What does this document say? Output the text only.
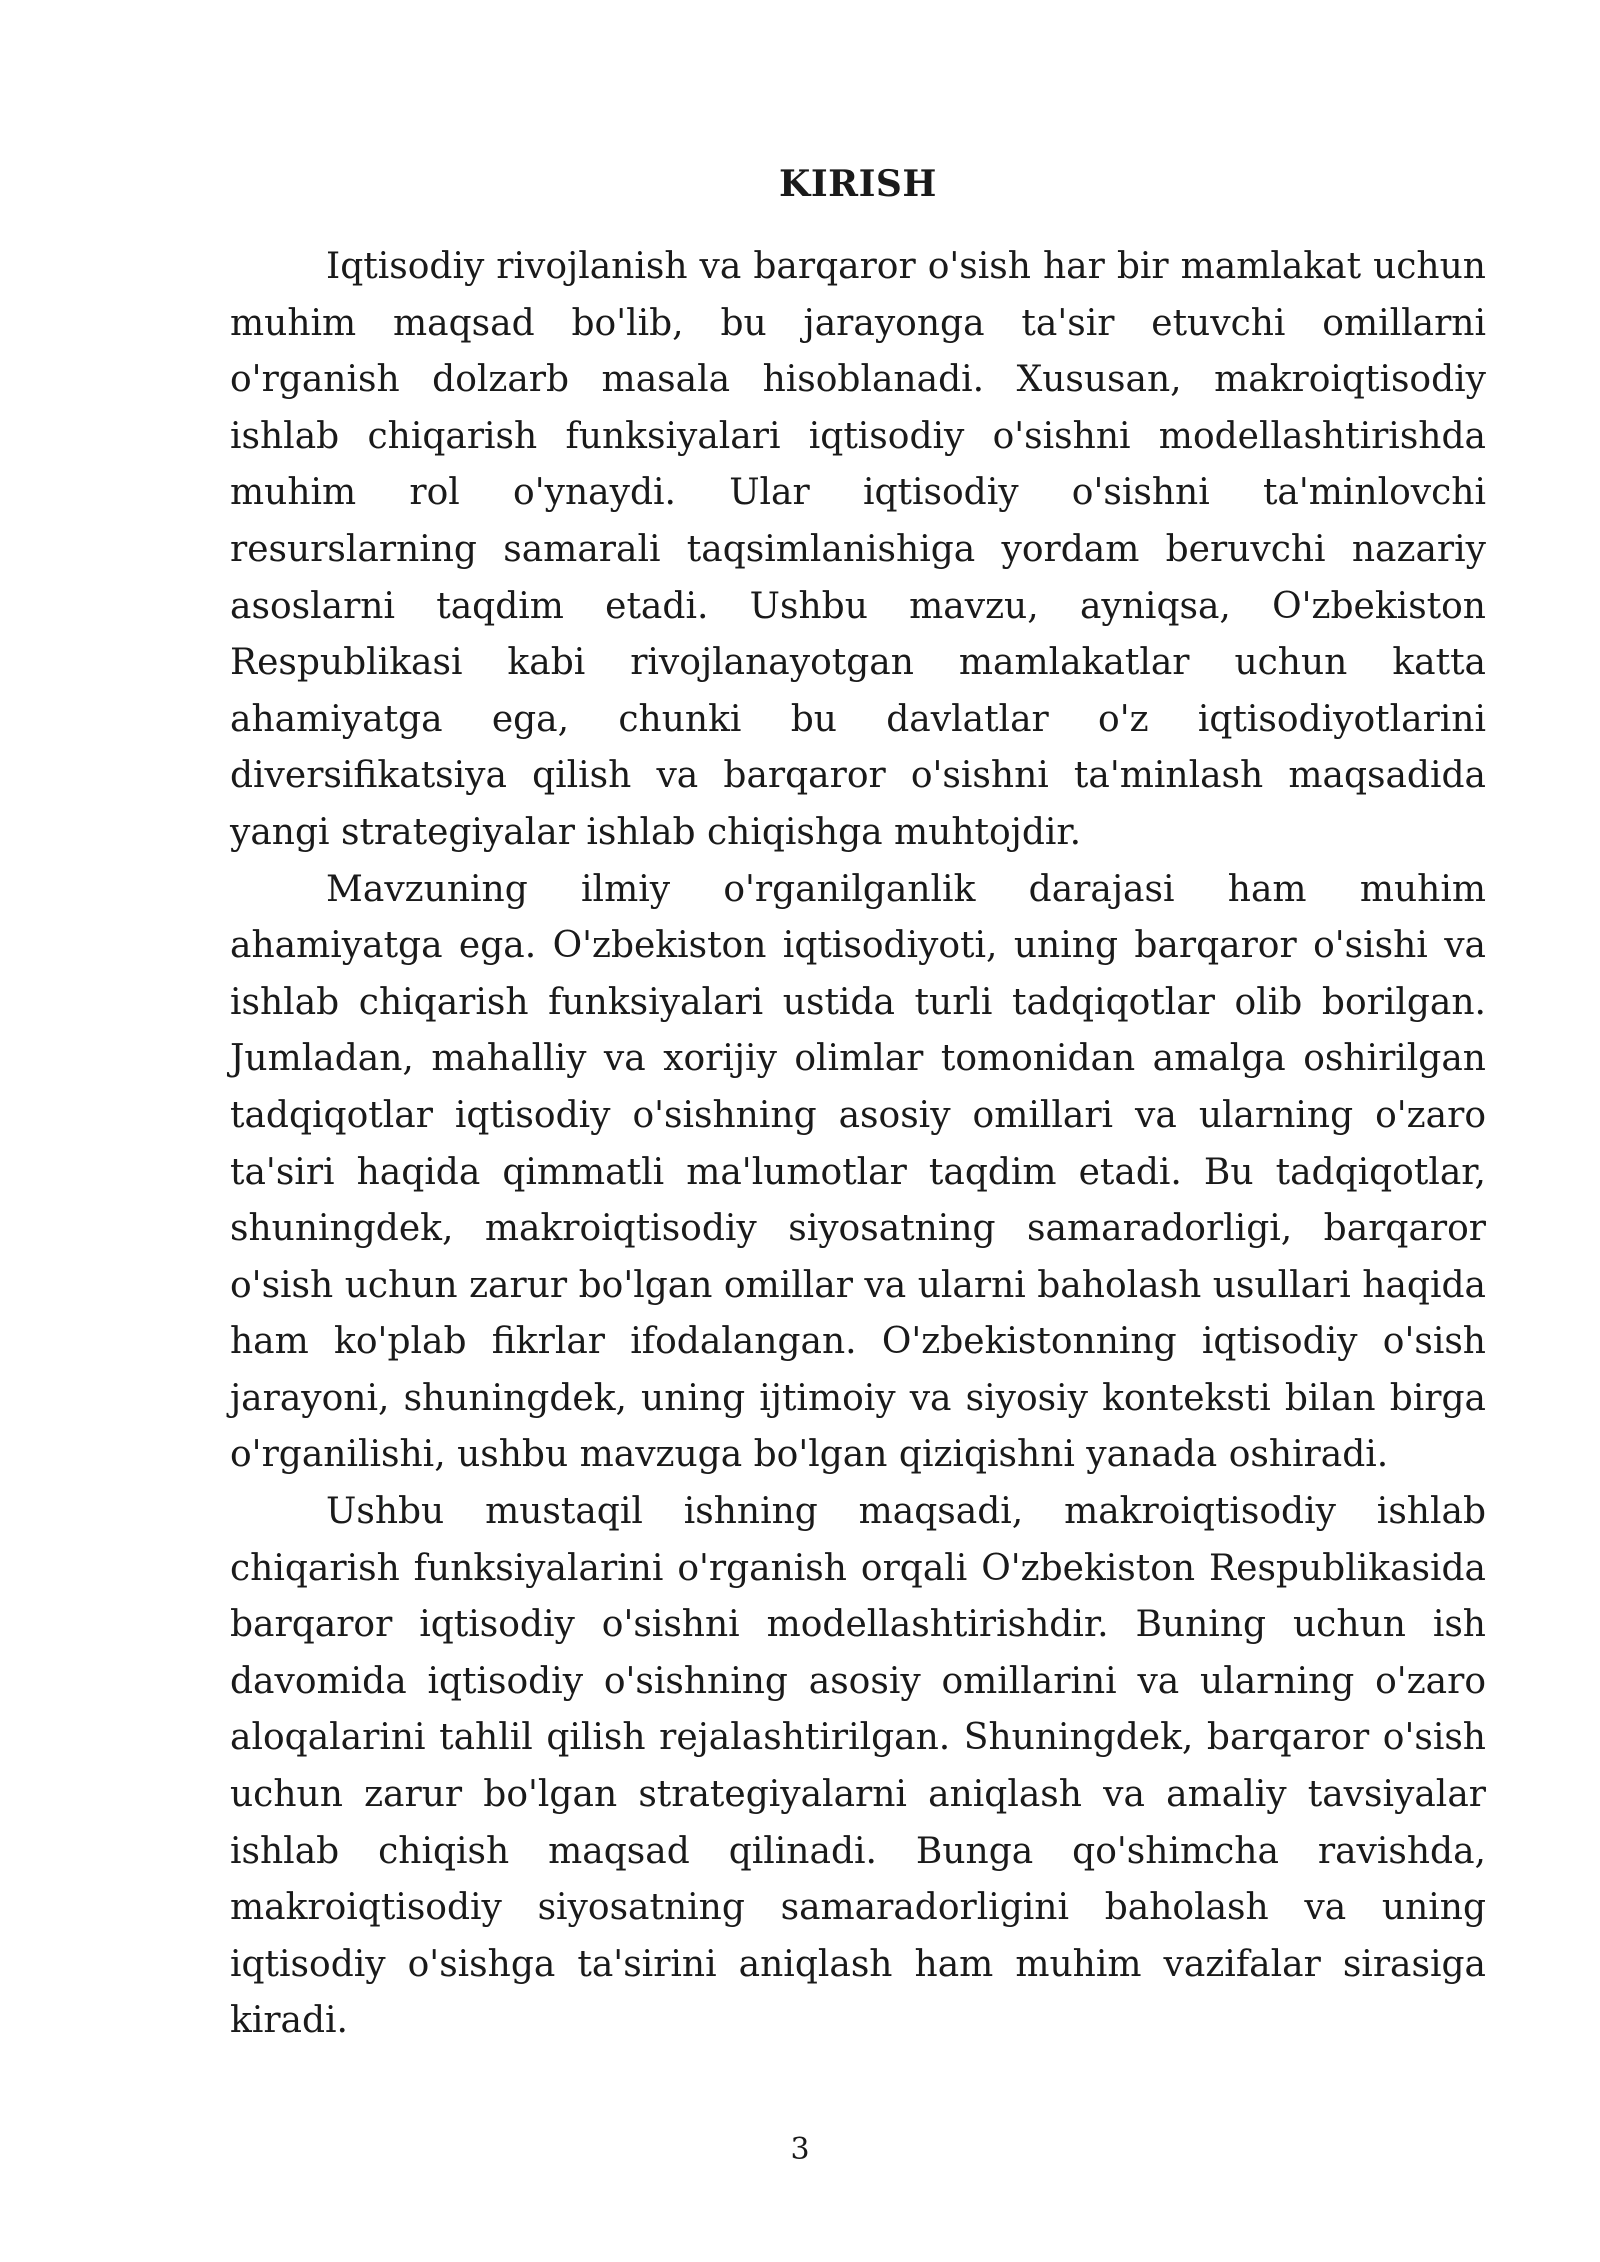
KIRISH

Iqtisodiy rivojlanish va barqaror o'sish har bir mamlakat uchun muhim maqsad bo'lib, bu jarayonga ta'sir etuvchi omillarni o'rganish dolzarb masala hisoblanadi. Xususan, makroiqtisodiy ishlab chiqarish funksiyalari iqtisodiy o'sishni modellashtirishda muhim rol o'ynaydi. Ular iqtisodiy o'sishni ta'minlovchi resurslarning samarali taqsimlanishiga yordam beruvchi nazariy asoslarni taqdim etadi. Ushbu mavzu, ayniqsa, O'zbekiston Respublikasi kabi rivojlanayotgan mamlakatlar uchun katta ahamiyatga ega, chunki bu davlatlar o'z iqtisodiyotlarini diversifikatsiya qilish va barqaror o'sishni ta'minlash maqsadida yangi strategiyalar ishlab chiqishga muhtojdir.

Mavzuning ilmiy o'rganilganlik darajasi ham muhim ahamiyatga ega. O'zbekiston iqtisodiyoti, uning barqaror o'sishi va ishlab chiqarish funksiyalari ustida turli tadqiqotlar olib borilgan. Jumladan, mahalliy va xorijiy olimlar tomonidan amalga oshirilgan tadqiqotlar iqtisodiy o'sishning asosiy omillari va ularning o'zaro ta'siri haqida qimmatli ma'lumotlar taqdim etadi. Bu tadqiqotlar, shuningdek, makroiqtisodiy siyosatning samaradorligi, barqaror o'sish uchun zarur bo'lgan omillar va ularni baholash usullari haqida ham ko'plab fikrlar ifodalangan. O'zbekistonning iqtisodiy o'sish jarayoni, shuningdek, uning ijtimoiy va siyosiy konteksti bilan birga o'rganilishi, ushbu mavzuga bo'lgan qiziqishni yanada oshiradi.

Ushbu mustaqil ishning maqsadi, makroiqtisodiy ishlab chiqarish funksiyalarini o'rganish orqali O'zbekiston Respublikasida barqaror iqtisodiy o'sishni modellashtirishdir. Buning uchun ish davomida iqtisodiy o'sishning asosiy omillarini va ularning o'zaro aloqalarini tahlil qilish rejalashtirilgan. Shuningdek, barqaror o'sish uchun zarur bo'lgan strategiyalarni aniqlash va amaliy tavsiyalar ishlab chiqish maqsad qilinadi. Bunga qo'shimcha ravishda, makroiqtisodiy siyosatning samaradorligini baholash va uning iqtisodiy o'sishga ta'sirini aniqlash ham muhim vazifalar sirasiga kiradi.

3
